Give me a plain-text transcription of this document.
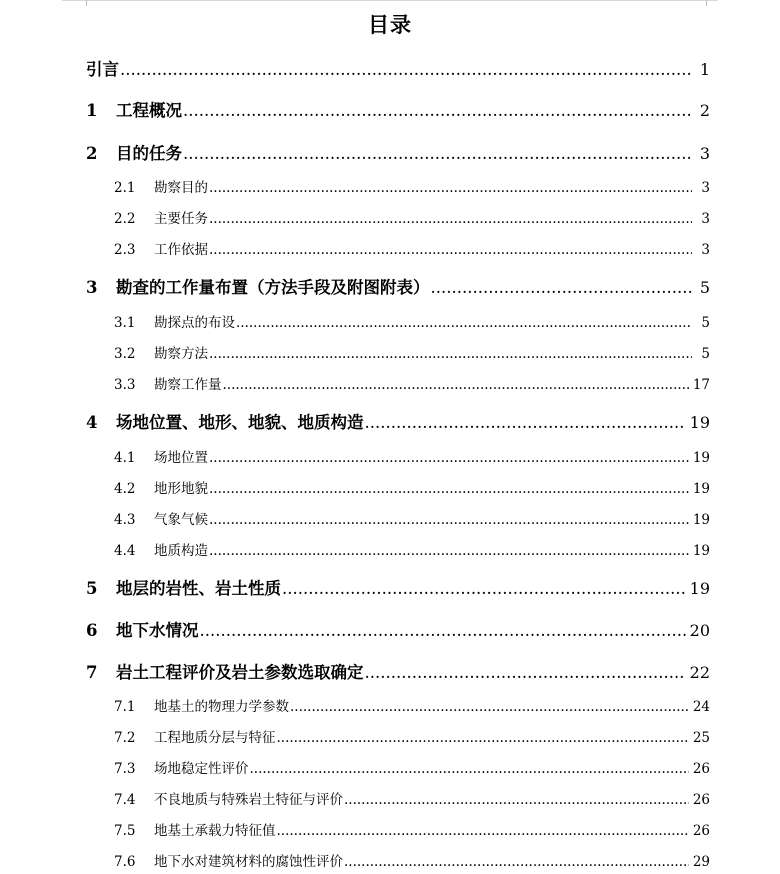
目录
引言 .....	1
1	工程概况 .....	2
2	目的任务 .....	3
2.1	勘察目的 .....	3
2.2	主要任务 .....	3
2.3	工作依据 .....	3
3	勘查的工作量布置（方法手段及附图附表） .....	5
3.1	勘探点的布设 .....	5
3.2	勘察方法 .....	5
3.3	勘察工作量 .....	17
4	场地位置、地形、地貌、地质构造 .....	19
4.1	场地位置 .....	19
4.2	地形地貌 .....	19
4.3	气象气候 .....	19
4.4	地质构造 .....	19
5	地层的岩性、岩土性质 .....	19
6	地下水情况 .....	20
7	岩土工程评价及岩土参数选取确定 .....	22
7.1	地基土的物理力学参数 .....	24
7.2	工程地质分层与特征 .....	25
7.3	场地稳定性评价 .....	26
7.4	不良地质与特殊岩土特征与评价 .....	26
7.5	地基土承载力特征值 .....	26
7.6	地下水对建筑材料的腐蚀性评价 .....	29
